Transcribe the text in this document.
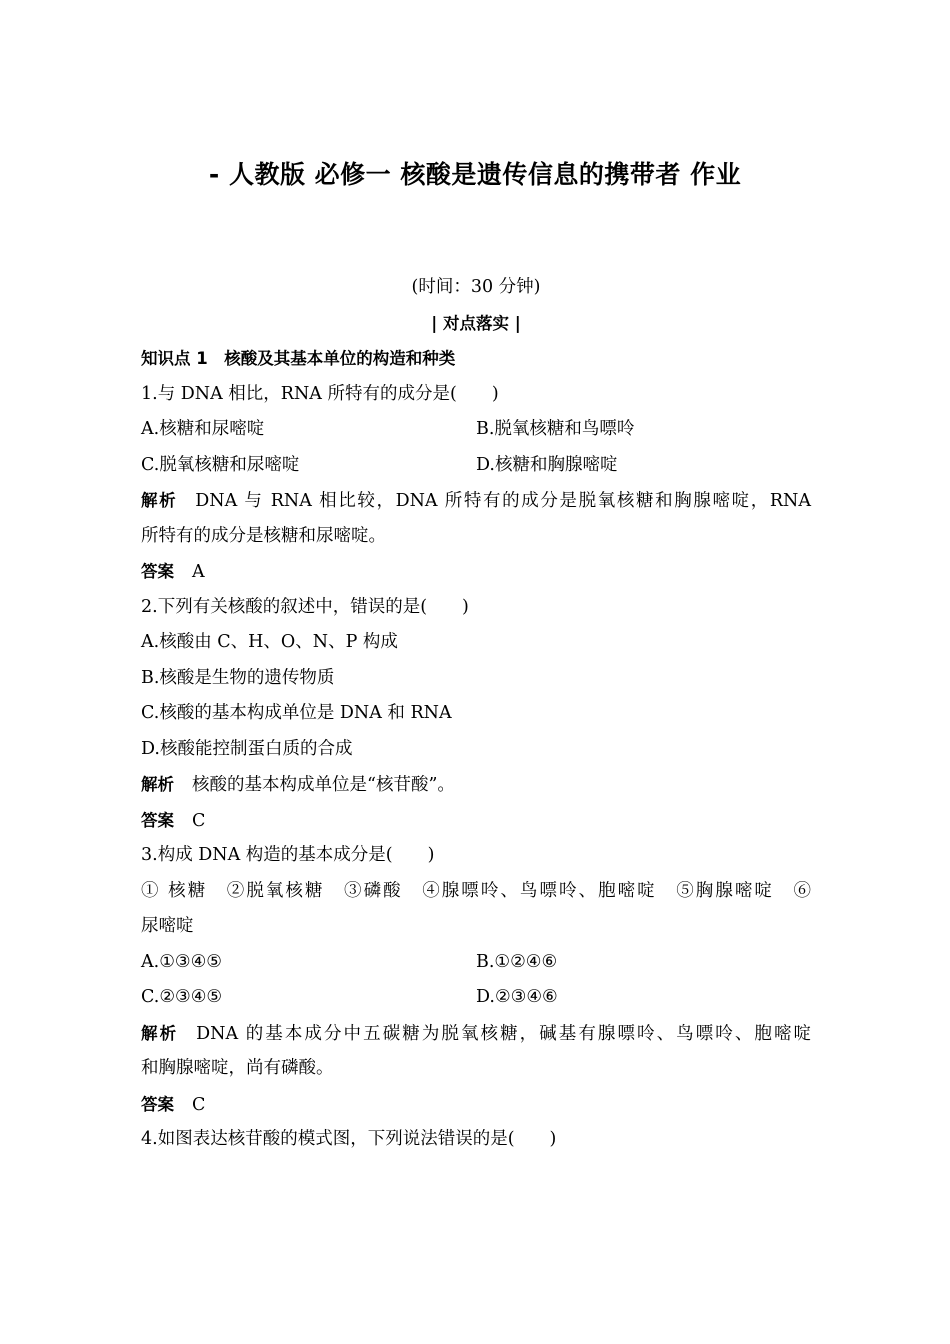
- 人教版 必修一 核酸是遗传信息的携带者 作业
(时间：30 分钟)
| 对点落实 |
知识点 1　核酸及其基本单位的构造和种类
1.与 DNA 相比，RNA 所特有的成分是(　　)
A.核糖和尿嘧啶	B.脱氧核糖和鸟嘌呤
C.脱氧核糖和尿嘧啶	D.核糖和胸腺嘧啶
解析 DNA 与 RNA 相比较，DNA 所特有的成分是脱氧核糖和胸腺嘧啶，RNA
所特有的成分是核糖和尿嘧啶。
答案 A
2.下列有关核酸的叙述中，错误的是(　　)
A.核酸由 C、H、O、N、P 构成
B.核酸是生物的遗传物质
C.核酸的基本构成单位是 DNA 和 RNA
D.核酸能控制蛋白质的合成
解析 核酸的基本构成单位是“核苷酸”。
答案 C
3.构成 DNA 构造的基本成分是(　　)
① 核糖　②脱氧核糖　③磷酸　④腺嘌呤、鸟嘌呤、胞嘧啶　⑤胸腺嘧啶　⑥
尿嘧啶
A.①③④⑤	B.①②④⑥
C.②③④⑤	D.②③④⑥
解析 DNA 的基本成分中五碳糖为脱氧核糖，碱基有腺嘌呤、鸟嘌呤、胞嘧啶
和胸腺嘧啶，尚有磷酸。
答案 C
4.如图表达核苷酸的模式图，下列说法错误的是(　　)
